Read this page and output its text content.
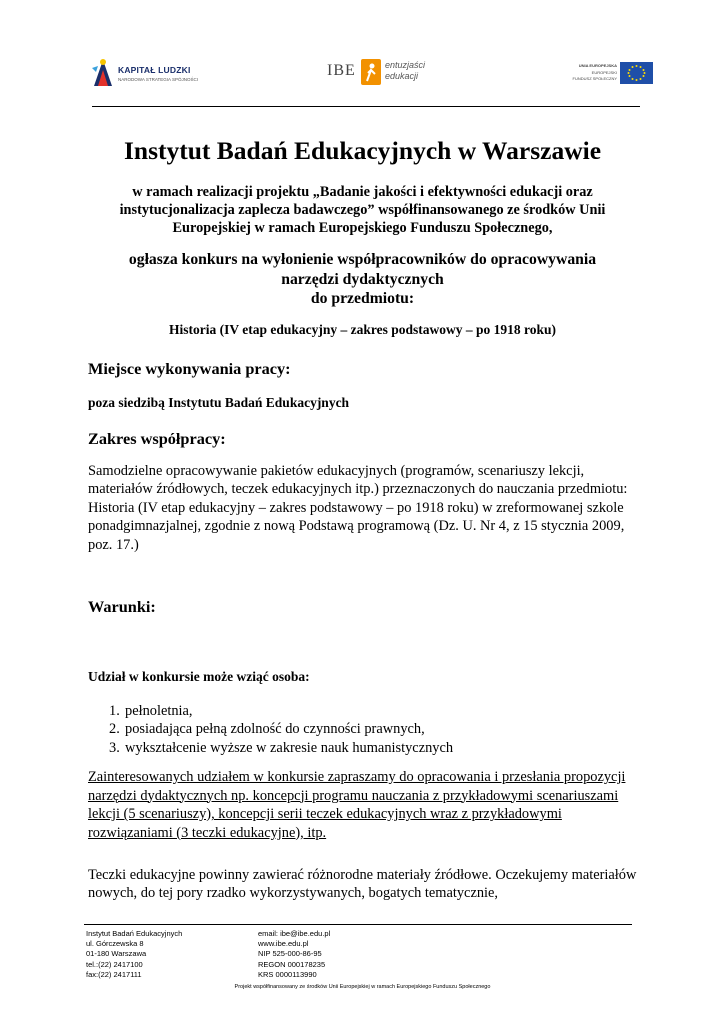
KAPITAŁ LUDZKI
NARODOWA STRATEGIA SPÓJNOŚCI
IBE	entuzjaści
edukacji
UNIA EUROPEJSKA
EUROPEJSKI
FUNDUSZ SPOŁECZNY
Instytut Badań Edukacyjnych w Warszawie
w ramach realizacji projektu „Badanie jakości i efektywności edukacji oraz instytucjonalizacja zaplecza badawczego” współfinansowanego ze środków Unii Europejskiej w ramach Europejskiego Funduszu Społecznego,
ogłasza konkurs na wyłonienie współpracowników do opracowywania
narzędzi dydaktycznych
do przedmiotu:
Historia (IV etap edukacyjny – zakres podstawowy – po 1918 roku)
Miejsce wykonywania pracy:
poza siedzibą Instytutu Badań Edukacyjnych
Zakres współpracy:
Samodzielne opracowywanie pakietów edukacyjnych (programów, scenariuszy lekcji, materiałów źródłowych, teczek edukacyjnych itp.) przeznaczonych do nauczania przedmiotu: Historia (IV etap edukacyjny – zakres podstawowy – po 1918 roku) w zreformowanej szkole ponadgimnazjalnej, zgodnie z nową Podstawą programową (Dz. U. Nr 4, z 15 stycznia 2009, poz. 17.)
Warunki:
Udział w konkursie może wziąć osoba:
1. pełnoletnia,
2. posiadająca pełną zdolność do czynności prawnych,
3. wykształcenie wyższe w zakresie nauk humanistycznych
Zainteresowanych udziałem w konkursie zapraszamy do opracowania i przesłania propozycji narzędzi dydaktycznych np. koncepcji programu nauczania z przykładowymi scenariuszami lekcji (5 scenariuszy), koncepcji serii teczek edukacyjnych wraz z przykładowymi rozwiązaniami (3 teczki edukacyjne), itp.
Teczki edukacyjne powinny zawierać różnorodne materiały źródłowe. Oczekujemy materiałów nowych, do tej pory rzadko wykorzystywanych, bogatych tematycznie,
Instytut Badań Edukacyjnych
ul. Górczewska 8
01-180 Warszawa
tel.:(22) 2417100
fax:(22) 2417111
email: ibe@ibe.edu.pl
www.ibe.edu.pl
NIP 525-000-86-95
REGON 000178235
KRS 0000113990
Projekt współfinansowany ze środków Unii Europejskiej w ramach Europejskiego Funduszu Społecznego
